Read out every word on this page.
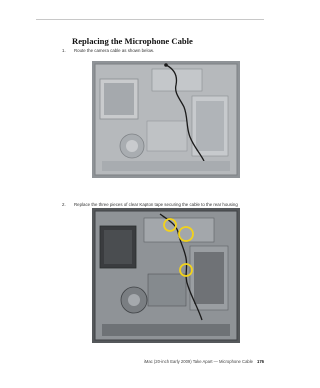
Replacing the Microphone Cable
1. Route the camera cable as shown below.
2. Replace the three pieces of clear Kapton tape securing the cable to the rear housing
iMac (20-inch Early 2009) Take Apart — Microphone Cable 176
